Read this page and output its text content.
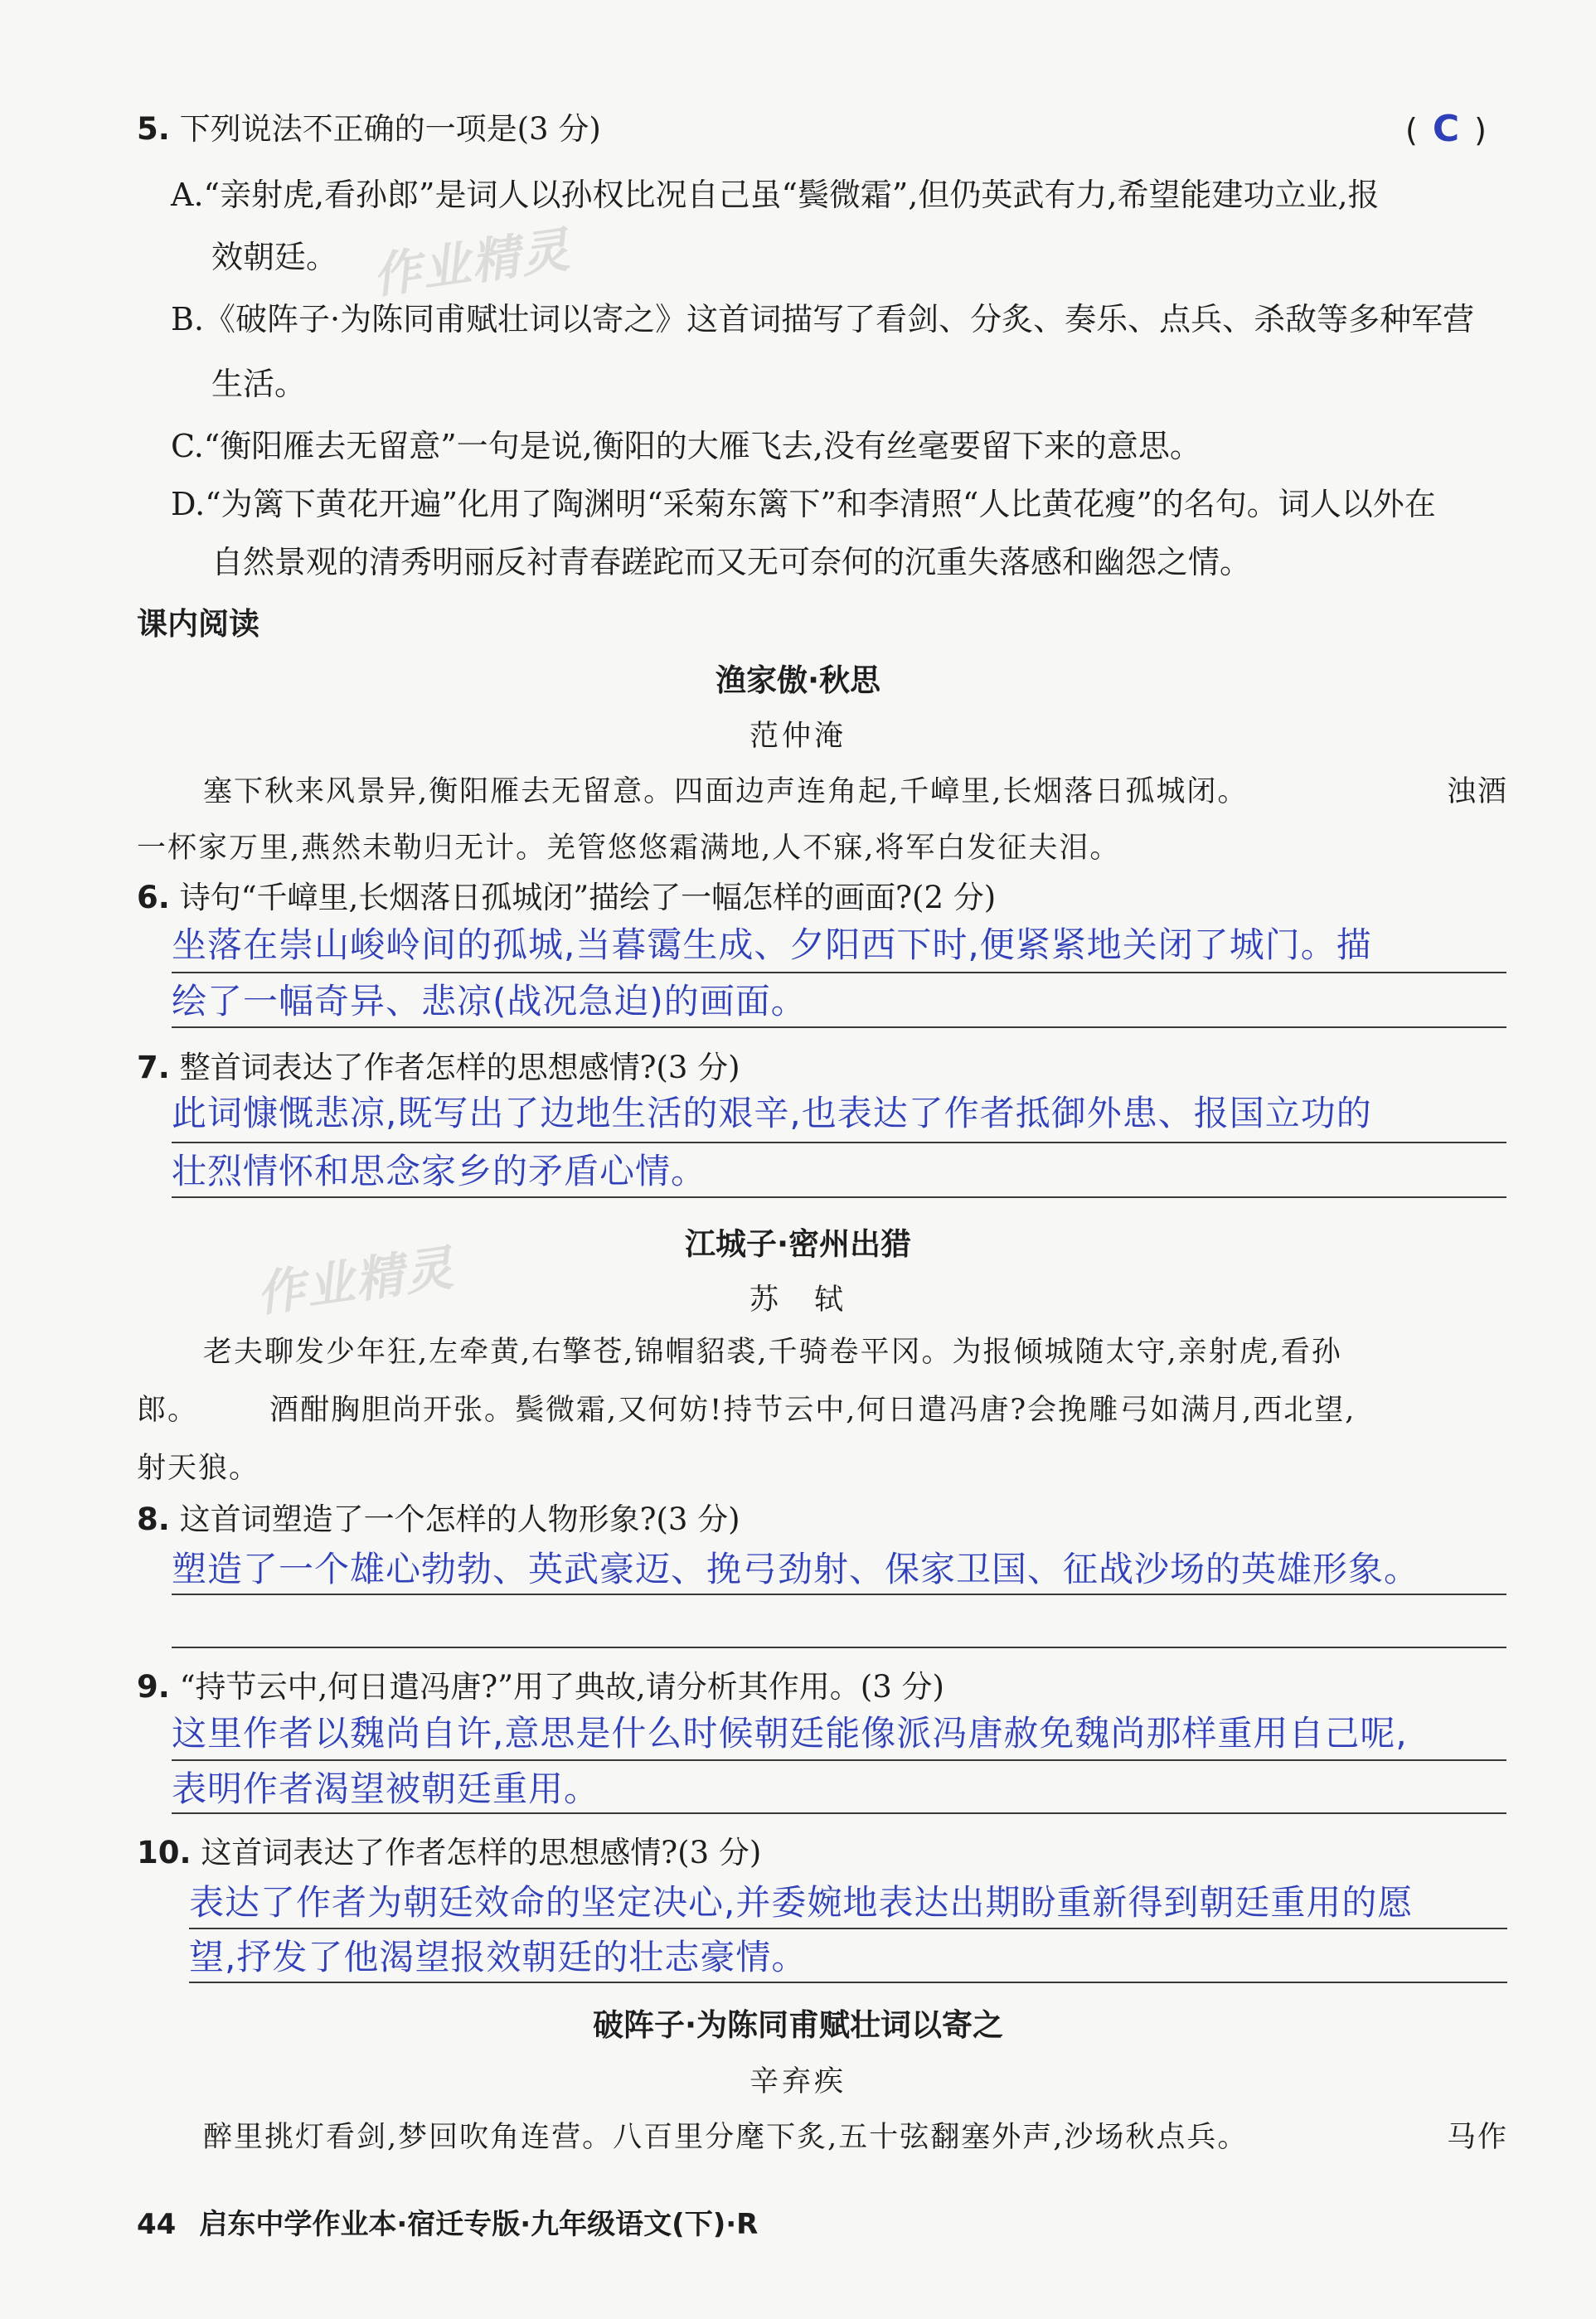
作业精灵
作业精灵
5. 下列说法不正确的一项是(3 分)	( C )
A.“亲射虎,看孙郎”是词人以孙权比况自己虽“鬓微霜”,但仍英武有力,希望能建功立业,报
效朝廷。
B.《破阵子·为陈同甫赋壮词以寄之》这首词描写了看剑、分炙、奏乐、点兵、杀敌等多种军营
生活。
C.“衡阳雁去无留意”一句是说,衡阳的大雁飞去,没有丝毫要留下来的意思。
D.“为篱下黄花开遍”化用了陶渊明“采菊东篱下”和李清照“人比黄花瘦”的名句。词人以外在
自然景观的清秀明丽反衬青春蹉跎而又无可奈何的沉重失落感和幽怨之情。
课内阅读
渔家傲·秋思
范仲淹
塞下秋来风景异,衡阳雁去无留意。四面边声连角起,千嶂里,长烟落日孤城闭。	浊酒
一杯家万里,燕然未勒归无计。羌管悠悠霜满地,人不寐,将军白发征夫泪。
6. 诗句“千嶂里,长烟落日孤城闭”描绘了一幅怎样的画面?(2 分)
坐落在崇山峻岭间的孤城,当暮霭生成、夕阳西下时,便紧紧地关闭了城门。描
绘了一幅奇异、悲凉(战况急迫)的画面。
7. 整首词表达了作者怎样的思想感情?(3 分)
此词慷慨悲凉,既写出了边地生活的艰辛,也表达了作者抵御外患、报国立功的
壮烈情怀和思念家乡的矛盾心情。
江城子·密州出猎
苏　轼
老夫聊发少年狂,左牵黄,右擎苍,锦帽貂裘,千骑卷平冈。为报倾城随太守,亲射虎,看孙
郎。 酒酣胸胆尚开张。鬓微霜,又何妨!持节云中,何日遣冯唐?会挽雕弓如满月,西北望,
射天狼。
8. 这首词塑造了一个怎样的人物形象?(3 分)
塑造了一个雄心勃勃、英武豪迈、挽弓劲射、保家卫国、征战沙场的英雄形象。
9. “持节云中,何日遣冯唐?”用了典故,请分析其作用。(3 分)
这里作者以魏尚自许,意思是什么时候朝廷能像派冯唐赦免魏尚那样重用自己呢,
表明作者渴望被朝廷重用。
10. 这首词表达了作者怎样的思想感情?(3 分)
表达了作者为朝廷效命的坚定决心,并委婉地表达出期盼重新得到朝廷重用的愿
望,抒发了他渴望报效朝廷的壮志豪情。
破阵子·为陈同甫赋壮词以寄之
辛弃疾
醉里挑灯看剑,梦回吹角连营。八百里分麾下炙,五十弦翻塞外声,沙场秋点兵。	马作
44 启东中学作业本·宿迁专版·九年级语文(下)·R
